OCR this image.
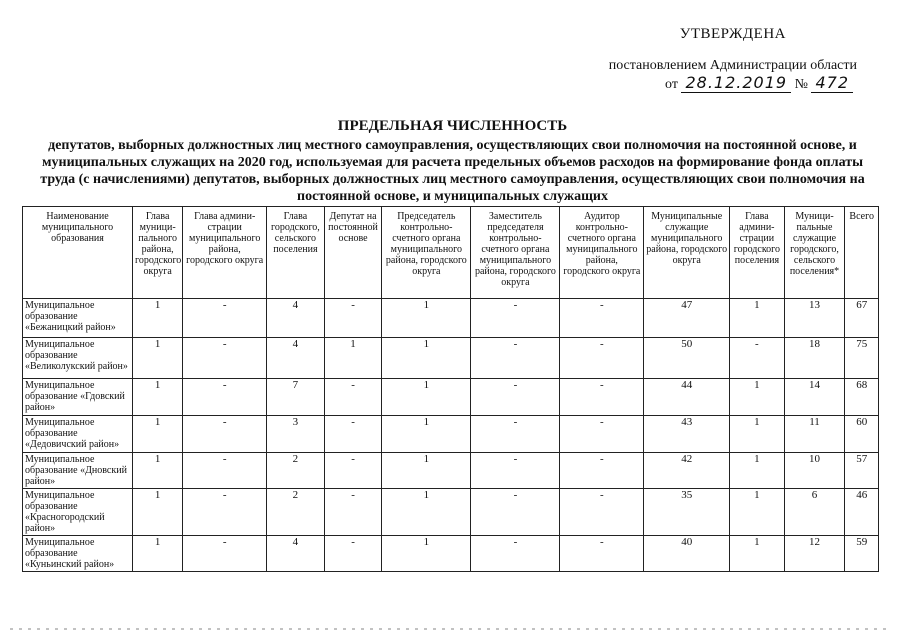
УТВЕРЖДЕНА
постановлением Администрации области
от 28.12.2019 № 472
ПРЕДЕЛЬНАЯ ЧИСЛЕННОСТЬ
депутатов, выборных должностных лиц местного самоуправления, осуществляющих свои полномочия на постоянной основе, и муниципальных служащих на 2020 год, используемая для расчета предельных объемов расходов на формирование фонда оплаты труда (с начислениями) депутатов, выборных должностных лиц местного самоуправления, осуществляющих свои полномочия на постоянной основе, и муниципальных служащих
Наименование муниципального образования	Глава муници-пального района, городского округа	Глава админи-страции муниципального района, городского округа	Глава городского, сельского поселения	Депутат на постоянной основе	Председатель контрольно-счетного органа муниципального района, городского округа	Заместитель председателя контрольно-счетного органа муниципального района, городского округа	Аудитор контрольно-счетного органа муниципального района, городского округа	Муниципальные служащие муниципального района, городского округа	Глава админи-страции городского поселения	Муници-пальные служащие городского, сельского поселения*	Всего
Муниципальное образование «Бежаницкий район»	1	-	4	-	1	-	-	47	1	13	67
Муниципальное образование «Великолукский район»	1	-	4	1	1	-	-	50	-	18	75
Муниципальное образование «Гдовский район»	1	-	7	-	1	-	-	44	1	14	68
Муниципальное образование «Дедовичский район»	1	-	3	-	1	-	-	43	1	11	60
Муниципальное образование «Дновский район»	1	-	2	-	1	-	-	42	1	10	57
Муниципальное образование «Красногородский район»	1	-	2	-	1	-	-	35	1	6	46
Муниципальное образование «Куньинский район»	1	-	4	-	1	-	-	40	1	12	59
